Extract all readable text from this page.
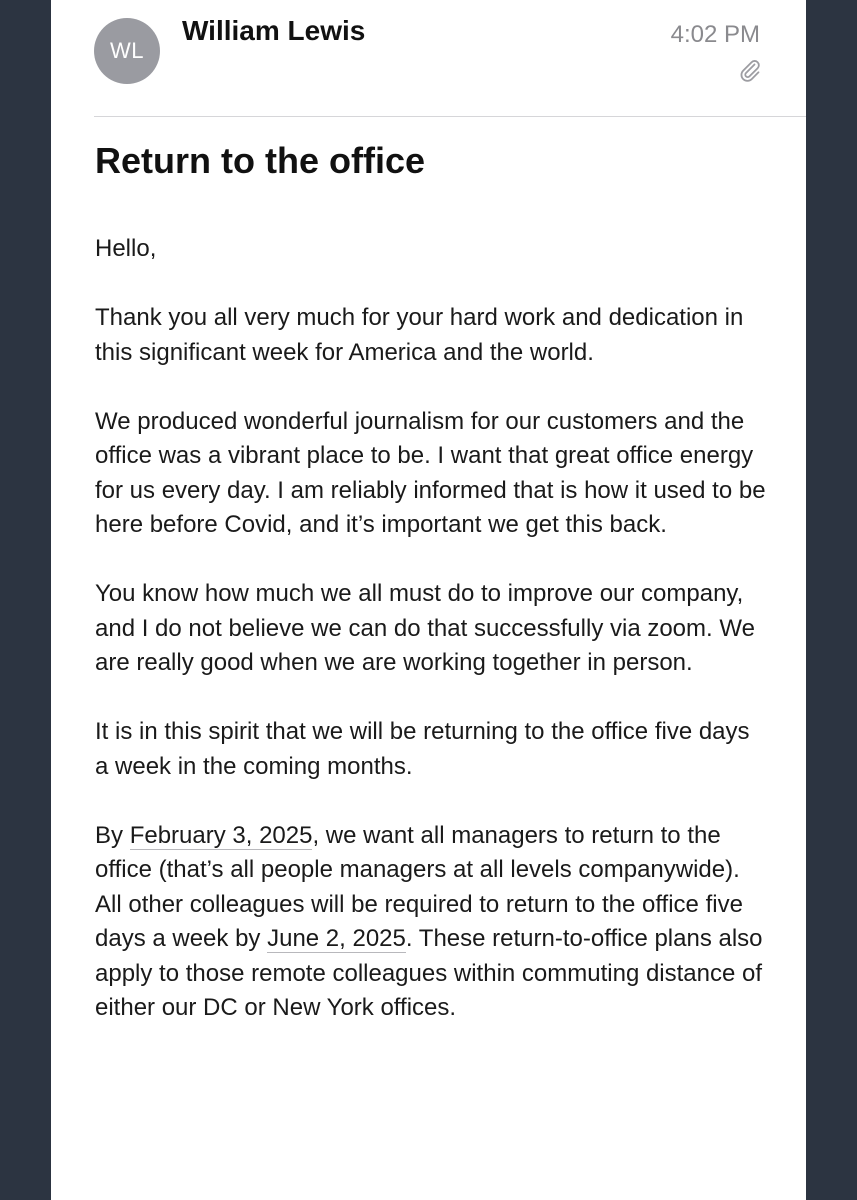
WL
William Lewis	4:02 PM
Return to the office

Hello,

Thank you all very much for your hard work and dedication in this significant week for America and the world.

We produced wonderful journalism for our customers and the office was a vibrant place to be. I want that great office energy for us every day. I am reliably informed that is how it used to be here before Covid, and it’s important we get this back.

You know how much we all must do to improve our company, and I do not believe we can do that successfully via zoom. We are really good when we are working together in person.

It is in this spirit that we will be returning to the office five days a week in the coming months.

By February 3, 2025, we want all managers to return to the office (that’s all people managers at all levels companywide). All other colleagues will be required to return to the office five days a week by June 2, 2025. These return-to-office plans also apply to those remote colleagues within commuting distance of either our DC or New York offices.
